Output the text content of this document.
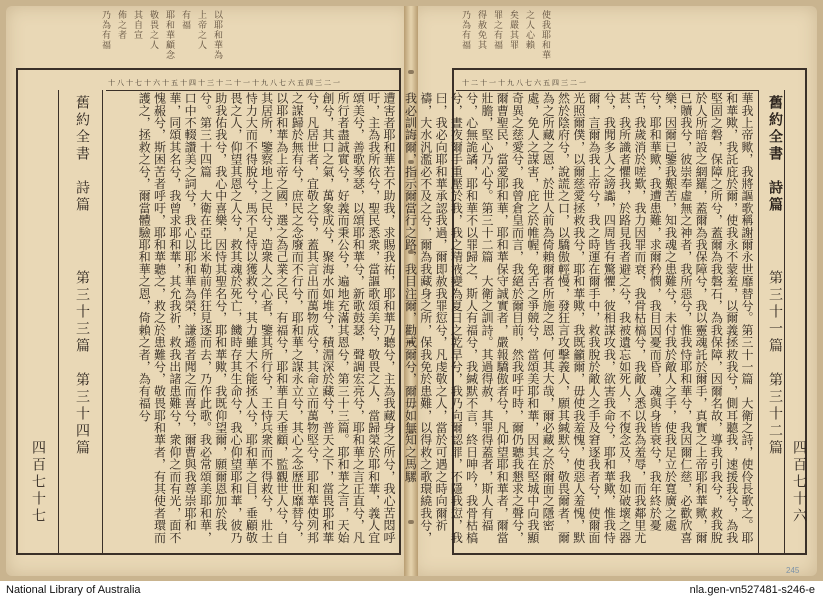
以耶和華為
上帝之人
有福
耶和華顧念
敬畏之人
其自宣
佈之者
乃為有福
十八十七十六十五十四十三十二十一十九八七六五四三二一
遭害者耶和華若不助我，求賜我祐，耶和華乃聽兮，主為我藏身之所兮，我心苦悶呼吁，主為我所依兮，聖民悉衆，當謳歌頌美兮，敬畏之人，當歸榮於耶和華，義人宜頌美兮，善歌琴瑟，以頌耶和華兮，新歌鼓瑟，聲調宏亮兮，耶和華之言正直兮，凡所行者盡誠實兮，好義而秉公兮，遍地充滿其恩兮，第三十三篇。耶和華之言，天始創兮，其口之氣，萬象成兮，聚海水如堆兮，積淵深於藏兮，普天之下，當畏耶和華兮，凡居世者，宜敬之兮，蓋其言出而萬物成兮，其命立而萬物堅兮，耶和華使列邦之謀歸於無有兮，庶民之念廢而不行兮，耶和華之謀永立兮，其心之念歷世靡替兮，以耶和華為上帝之國，選之為己業之民，有福兮，耶和華自天垂顧，監觀世人兮，自其居所，鑒察地上之民兮，造衆人之心者，鑒其所行兮，王恃兵衆而不得救兮，壯士恃力大而不得脫兮，馬不足恃以獲救兮，其力雖大不能拯人兮，耶和華之目，垂顧敬畏之人，仰望其恩之人兮，救其魂於死亡，饑時存其生命兮，我心仰望耶和華，彼乃助我佑我兮，我心中喜樂，因恃其聖名兮，耶和華歟，我既仰望爾，願爾恩加於我兮。第三十四篇　大衛在亞比米勒前佯狂見逐而去，乃作此歌。我必常頌美耶和華，口中不輟讚美之詞兮，我心以耶和華為榮，謙遜者聞之而喜兮，爾曹與我尊崇耶和華，同頌其名兮，我曾求耶和華，其允我祈，救我出諸患難兮，衆仰之而有光，面不愧赧兮，斯困苦者呼吁，耶和華聽之，救之於患難兮，敬畏耶和華者，有其使者環而護之，拯救之兮，爾當體驗耶和華之恩，倚賴之者，為有福兮
舊約全書　詩篇
第三十三篇　第三十四篇
四百七十七
使我耶和華
之人心賴
矣嚴其罪
罪之有福
得赦免其
乃為有福
十二十一十九八七六五四三二一
華我上帝歟，我將謳歌稱謝爾永世靡替兮。第三十一篇　大衛之詩，使伶長歌之。耶和華歟，我託庇於爾，使我永不蒙羞，以爾義拯救我兮，側耳聽我，速援我兮，為我堅固之磐，保障之所兮，蓋爾為我磐石，為我保障，因爾名故，導我引我兮，救我脫於人所暗設之網羅，蓋爾為我保障兮，我以靈魂託於爾手，真實之上帝耶和華歟，爾已贖我兮，彼崇奉虛無之神者，我所惡兮，惟我恃耶和華兮，我因爾仁慈，必歡欣喜樂，因爾已鑒我艱苦，知我魂之患難兮，未付我於敵人之手，使我足立於寬廣之處兮，耶和華歟，我遭患難，求爾矜憫，我目因憂而昏，魂與身皆衰兮，我年終於憂苦，我歲消於嗟歎，我力因罪而衰，我骨枯槁兮，我敵人悉以我為羞辱，而我鄰里尤甚，我所識者懼我，於路見我者避之兮，我被遺忘如死人，不復念及，我如破壞之器兮，我聞多人之謗讟，四周皆有驚懼，彼相謀攻我，欲害我命兮，耶和華歟，惟我恃爾，言爾為我上帝兮，我之時運在爾手中，救我脫於敵人之手及窘逐我者兮，使爾面光照爾僕，以爾慈愛拯救我兮，耶和華歟，我既籲爾，毋使我羞愧，使惡人羞愧，默然於陰府兮，說謊之口，以驕傲輕慢，發狂言攻擊義人，願其緘默兮，敬畏爾者，爾為之所藏之恩，於世人前為倚賴爾者所施之恩，何其大哉，爾必藏之於爾面之隱密處，免人之謀害，庇之於帷幄，免舌之爭競兮，當頌美耶和華，因其在堅城中向我顯奇異之慈愛兮，我曾倉皇而言，我絕於爾目前，然我呼吁時，爾仍聽我懇求之聲兮，爾曹聖民，當愛耶和華，耶和華保守誠實者，嚴報驕傲者兮，凡仰望耶和華者，爾當壯膽，堅心乃心兮。第三十二篇　大衛之訓詩。其過得赦，其罪得蓋者，斯人有福兮，心無詭譎，耶和華不以罪歸之，斯人有福兮，我緘默不言，終日呻吟，我骨枯槁兮，晝夜爾手重壓於我，我之精液變為夏日之乾旱兮，我乃向爾認罪，不隱我愆，我曰，我必向耶和華承認我過，爾即赦我罪愆兮，凡虔敬之人，當於可遇之時向爾祈禱，大水汎濫必不及之兮，爾為我藏身之所，保我免於患難，以得救之歌環繞我兮，我必訓誨爾，指示爾當行之路，我目注爾，勸戒爾兮，爾毋如無知之馬騾	舊約全書　詩篇
第三十一篇　第三十二篇
四百七十六
245
National Library of Australia	nla.gen-vn527481-s246-e
